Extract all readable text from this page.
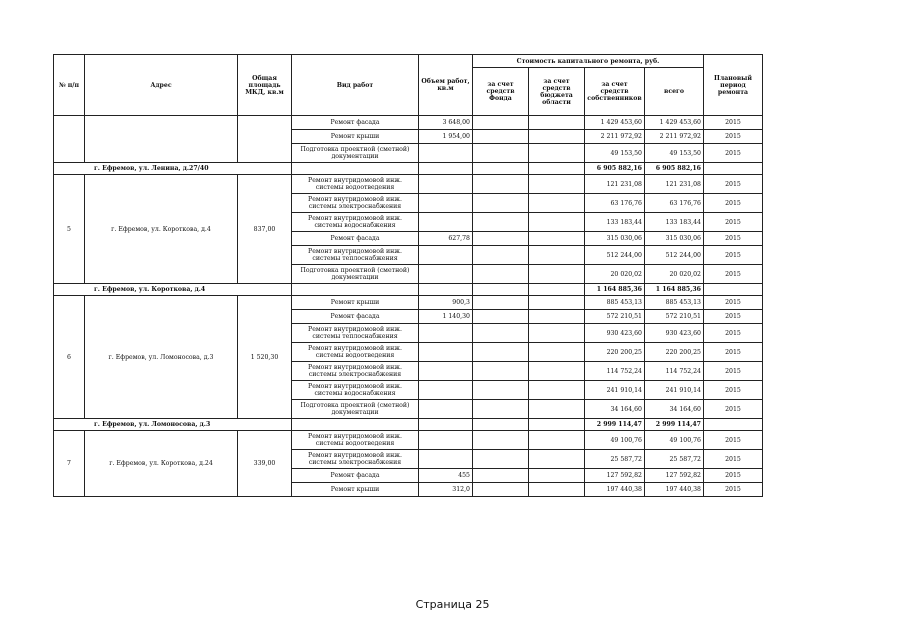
№ п/п	Адрес	Общая площадь МКД, кв.м	Вид работ	Объем работ, кв.м	Стоимость капитального ремонта, руб.				Плановый период ремонта
					за счет средств Фонда	за счет средств бюджета области	за счет средств собственников	всего	
			Ремонт фасада	3 648,00			1 429 453,60	1 429 453,60	2015
			Ремонт крыши	1 954,00			2 211 972,92	2 211 972,92	2015
			Подготовка проектной (сметной) документации				49 153,50	49 153,50	2015
г. Ефремов, ул. Ленина, д.27/40							6 905 882,16	6 905 882,16	
5	г. Ефремов, ул. Короткова, д.4	837,00	Ремонт внутридомовой инж. системы водоотведения				121 231,08	121 231,08	2015
			Ремонт внутридомовой инж. системы электроснабжения				63 176,76	63 176,76	2015
			Ремонт внутридомовой инж. системы водоснабжения				133 183,44	133 183,44	2015
			Ремонт фасада	627,78			315 030,06	315 030,06	2015
			Ремонт внутридомовой инж. системы теплоснабжения				512 244,00	512 244,00	2015
			Подготовка проектной (сметной) документации				20 020,02	20 020,02	2015
г. Ефремов, ул. Короткова, д.4							1 164 885,36	1 164 885,36	
6	г. Ефремов, ул. Ломоносова, д.3	1 520,30	Ремонт крыши	900,3			885 453,13	885 453,13	2015
			Ремонт фасада	1 140,30			572 210,51	572 210,51	2015
			Ремонт внутридомовой инж. системы теплоснабжения				930 423,60	930 423,60	2015
			Ремонт внутридомовой инж. системы водоотведения				220 200,25	220 200,25	2015
			Ремонт внутридомовой инж. системы электроснабжения				114 752,24	114 752,24	2015
			Ремонт внутридомовой инж. системы водоснабжения				241 910,14	241 910,14	2015
			Подготовка проектной (сметной) документации				34 164,60	34 164,60	2015
г. Ефремов, ул. Ломоносова, д.3							2 999 114,47	2 999 114,47	
7	г. Ефремов, ул. Короткова, д.24	339,00	Ремонт внутридомовой инж. системы водоотведения				49 100,76	49 100,76	2015
			Ремонт внутридомовой инж. системы электроснабжения				25 587,72	25 587,72	2015
			Ремонт фасада	455			127 592,82	127 592,82	2015
			Ремонт крыши	312,0			197 440,38	197 440,38	2015
Страница 25
